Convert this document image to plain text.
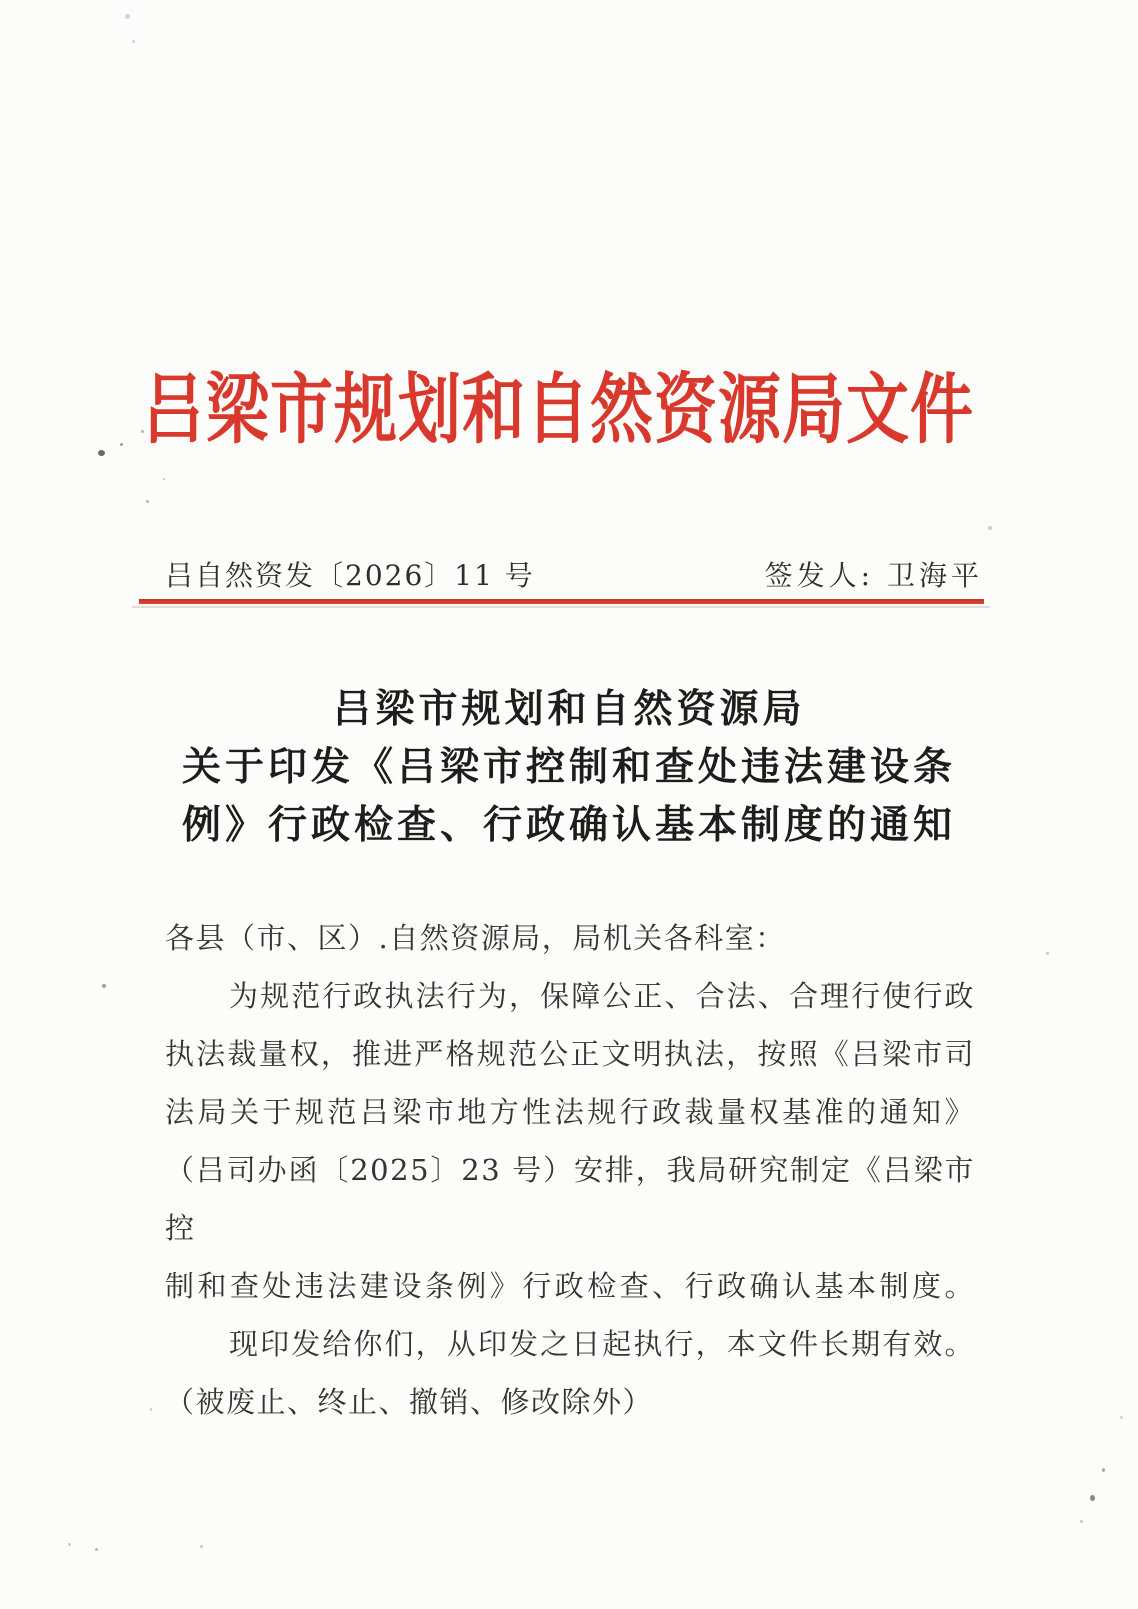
吕梁市规划和自然资源局文件
吕自然资发〔2026〕11 号	签发人: 卫海平
吕梁市规划和自然资源局
关于印发《吕梁市控制和查处违法建设条
例》行政检查、行政确认基本制度的通知
各县（市、区）.自然资源局，局机关各科室：
为规范行政执法行为，保障公正、合法、合理行使行政
执法裁量权，推进严格规范公正文明执法，按照《吕梁市司
法局关于规范吕梁市地方性法规行政裁量权基准的通知》
（吕司办函〔2025〕23 号）安排，我局研究制定《吕梁市控
制和查处违法建设条例》行政检查、行政确认基本制度。
现印发给你们，从印发之日起执行，本文件长期有效。
（被废止、终止、撤销、修改除外）
